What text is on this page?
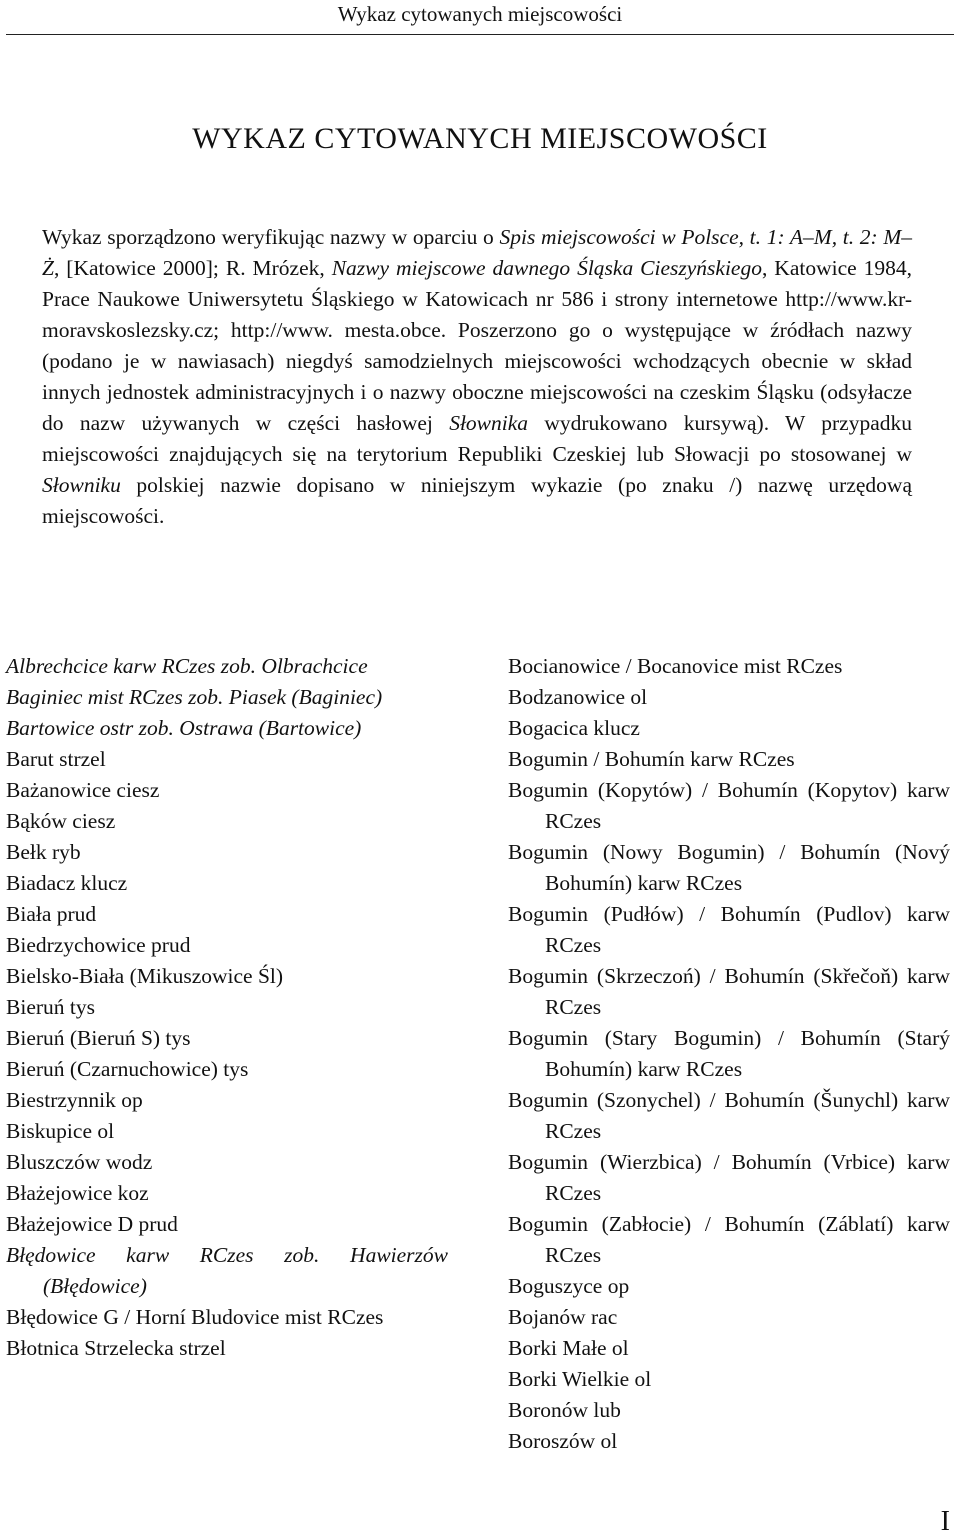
Wykaz cytowanych miejscowości
WYKAZ CYTOWANYCH MIEJSCOWOŚCI
Wykaz sporządzono weryfikując nazwy w oparciu o Spis miejscowości w Polsce, t. 1: A–M, t. 2: M–Ż, [Katowice 2000]; R. Mrózek, Nazwy miejscowe dawnego Śląska Cieszyńskiego, Katowice 1984, Prace Naukowe Uniwersytetu Śląskiego w Katowicach nr 586 i strony internetowe http://www.kr-moravskoslezsky.cz; http://www. mesta.obce. Poszerzono go o występujące w źródłach nazwy (podano je w nawiasach) niegdyś samodzielnych miejscowości wchodzących obecnie w skład innych jednostek administracyjnych i o nazwy oboczne miejscowości na czeskim Śląsku (odsyłacze do nazw używanych w części hasłowej Słownika wydrukowano kursywą). W przypadku miejscowości znajdujących się na terytorium Republiki Czeskiej lub Słowacji po stosowanej w Słowniku polskiej nazwie dopisano w niniejszym wykazie (po znaku /) nazwę urzędową miejscowości.
Albrechcice karw RCzes zob. Olbrachcice
Baginiec mist RCzes zob. Piasek (Baginiec)
Bartowice ostr zob. Ostrawa (Bartowice)
Barut strzel
Bażanowice ciesz
Bąków ciesz
Bełk ryb
Biadacz klucz
Biała prud
Biedrzychowice prud
Bielsko-Biała (Mikuszowice Śl)
Bieruń tys
Bieruń (Bieruń S) tys
Bieruń (Czarnuchowice) tys
Biestrzynnik op
Biskupice ol
Bluszczów wodz
Błażejowice koz
Błażejowice D prud
Błędowice karw RCzes zob. Hawierzów (Błędowice)
Błędowice G / Horní Bludovice mist RCzes
Błotnica Strzelecka strzel
Bocianowice / Bocanovice mist RCzes
Bodzanowice ol
Bogacica klucz
Bogumin / Bohumín karw RCzes
Bogumin (Kopytów) / Bohumín (Kopytov) karw RCzes
Bogumin (Nowy Bogumin) / Bohumín (Nový Bohumín) karw RCzes
Bogumin (Pudłów) / Bohumín (Pudlov) karw RCzes
Bogumin (Skrzeczoń) / Bohumín (Skřečoň) karw RCzes
Bogumin (Stary Bogumin) / Bohumín (Starý Bohumín) karw RCzes
Bogumin (Szonychel) / Bohumín (Šunychl) karw RCzes
Bogumin (Wierzbica) / Bohumín (Vrbice) karw RCzes
Bogumin (Zabłocie) / Bohumín (Záblatí) karw RCzes
Boguszyce op
Bojanów rac
Borki Małe ol
Borki Wielkie ol
Boronów lub
Boroszów ol
I
